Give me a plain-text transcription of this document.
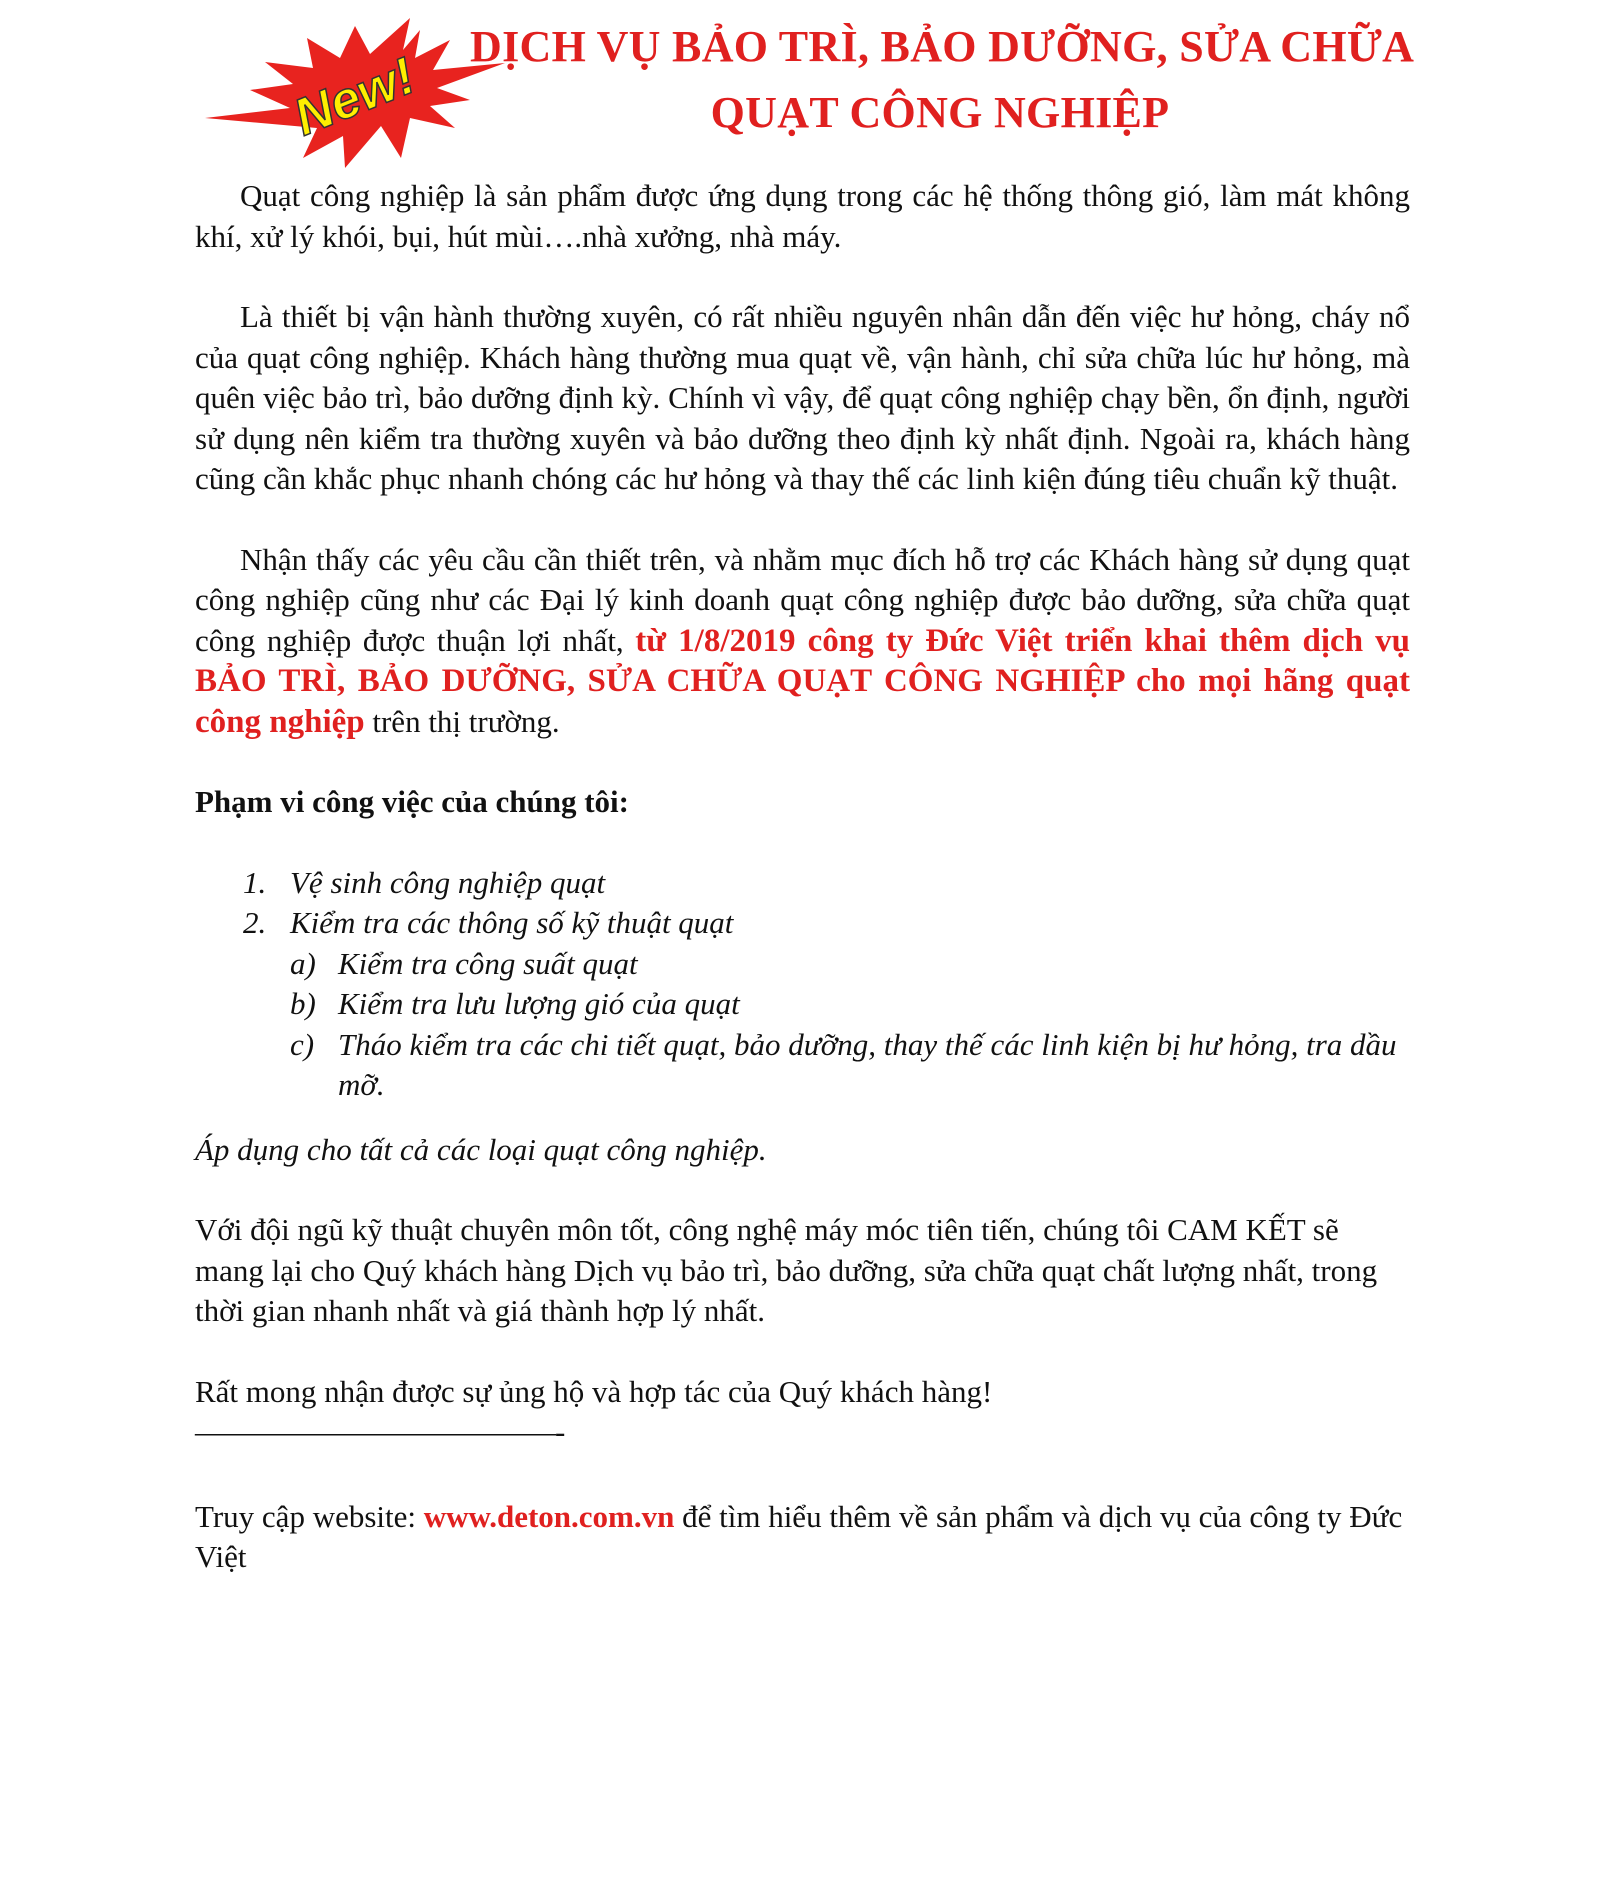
New!
DỊCH VỤ BẢO TRÌ, BẢO DƯỠNG, SỬA CHỮA
QUẠT CÔNG NGHIỆP

Quạt công nghiệp là sản phẩm được ứng dụng trong các hệ thống thông gió, làm mát không khí, xử lý khói, bụi, hút mùi….nhà xưởng, nhà máy.

Là thiết bị vận hành thường xuyên, có rất nhiều nguyên nhân dẫn đến việc hư hỏng, cháy nổ của quạt công nghiệp. Khách hàng thường mua quạt về, vận hành, chỉ sửa chữa lúc hư hỏng, mà quên việc bảo trì, bảo dưỡng định kỳ. Chính vì vậy, để quạt công nghiệp chạy bền, ổn định, người sử dụng nên kiểm tra thường xuyên và bảo dưỡng theo định kỳ nhất định. Ngoài ra, khách hàng cũng cần khắc phục nhanh chóng các hư hỏng và thay thế các linh kiện đúng tiêu chuẩn kỹ thuật.

Nhận thấy các yêu cầu cần thiết trên, và nhằm mục đích hỗ trợ các Khách hàng sử dụng quạt công nghiệp cũng như các Đại lý kinh doanh quạt công nghiệp được bảo dưỡng, sửa chữa quạt công nghiệp được thuận lợi nhất, từ 1/8/2019 công ty Đức Việt triển khai thêm dịch vụ BẢO TRÌ, BẢO DƯỠNG, SỬA CHỮA QUẠT CÔNG NGHIỆP cho mọi hãng quạt công nghiệp trên thị trường.

Phạm vi công việc của chúng tôi:
1. Vệ sinh công nghiệp quạt
2. Kiểm tra các thông số kỹ thuật quạt
a) Kiểm tra công suất quạt
b) Kiểm tra lưu lượng gió của quạt
c) Tháo kiểm tra các chi tiết quạt, bảo dưỡng, thay thế các linh kiện bị hư hỏng, tra dầu mỡ.

Áp dụng cho tất cả các loại quạt công nghiệp.

Với đội ngũ kỹ thuật chuyên môn tốt, công nghệ máy móc tiên tiến, chúng tôi CAM KẾT sẽ mang lại cho Quý khách hàng Dịch vụ bảo trì, bảo dưỡng, sửa chữa quạt chất lượng nhất, trong thời gian nhanh nhất và giá thành hợp lý nhất.

Rất mong nhận được sự ủng hộ và hợp tác của Quý khách hàng!

————————————-

Truy cập website: www.deton.com.vn để tìm hiểu thêm về sản phẩm và dịch vụ của công ty Đức Việt
